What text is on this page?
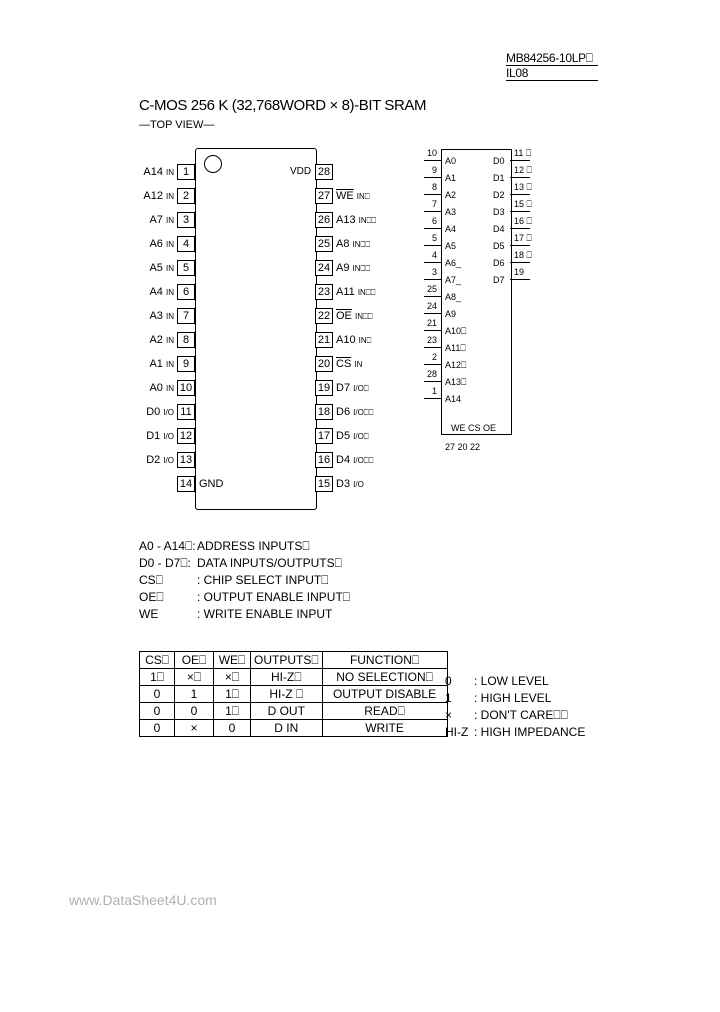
MB84256-10LP⎕
IL08
C-MOS 256 K (32,768WORD × 8)-BIT SRAM
—TOP VIEW—
1
A14 IN
2
A12 IN
3
A7 IN
4
A6 IN
5
A5 IN
6
A4 IN
7
A3 IN
8
A2 IN
9
A1 IN
10
A0 IN
11
D0 I/O
12
D1 I/O
13
D2 I/O
14
28
27 $\overline{WE}$ IN⎕
26 A13 IN⎕⎕
25 A8 IN⎕⎕
24 A9 IN⎕⎕
23 A11 IN⎕⎕
22 $\overline{OE}$ IN⎕⎕
21 A10 IN⎕
20 $\overline{CS}$ IN
19 D7 I/O⎕
18 D6 I/O⎕⎕
17 D5 I/O⎕
16 D4 I/O⎕⎕
15 D3 I/O
GND
VDD
A0
10
A1
9
A2
8
A3
7
A4
6
A5
5
A6_
4
A7_
3
A8_
25
A9
24
A10⎕
21
A11⎕
23
A12⎕
2
A13⎕
28
A14
1
D0
11 ⎕
D1
12 ⎕
D2
13 ⎕
D3
15 ⎕
D4
16 ⎕
D5
17 ⎕
D6
18 ⎕
D7
19
WE CS OE
27 20 22
A0 - A14⎕: ADDRESS INPUTS⎕
D0 - D7⎕: DATA INPUTS/OUTPUTS⎕
CS⎕	: CHIP SELECT INPUT⎕
OE⎕	: OUTPUT ENABLE INPUT⎕
WE	: WRITE ENABLE INPUT
CS⎕	OE⎕	WE⎕	OUTPUTS⎕	FUNCTION⎕
1⎕	×⎕	×⎕	HI-Z⎕	NO SELECTION⎕
0	1	1⎕	HI-Z ⎕	OUTPUT DISABLE
0	0	1⎕	D OUT	READ⎕
0	×	0	D IN	WRITE
0 : LOW LEVEL
1 : HIGH LEVEL
× : DON'T CARE⎕⎕
HI-Z : HIGH IMPEDANCE
www.DataSheet4U.com
